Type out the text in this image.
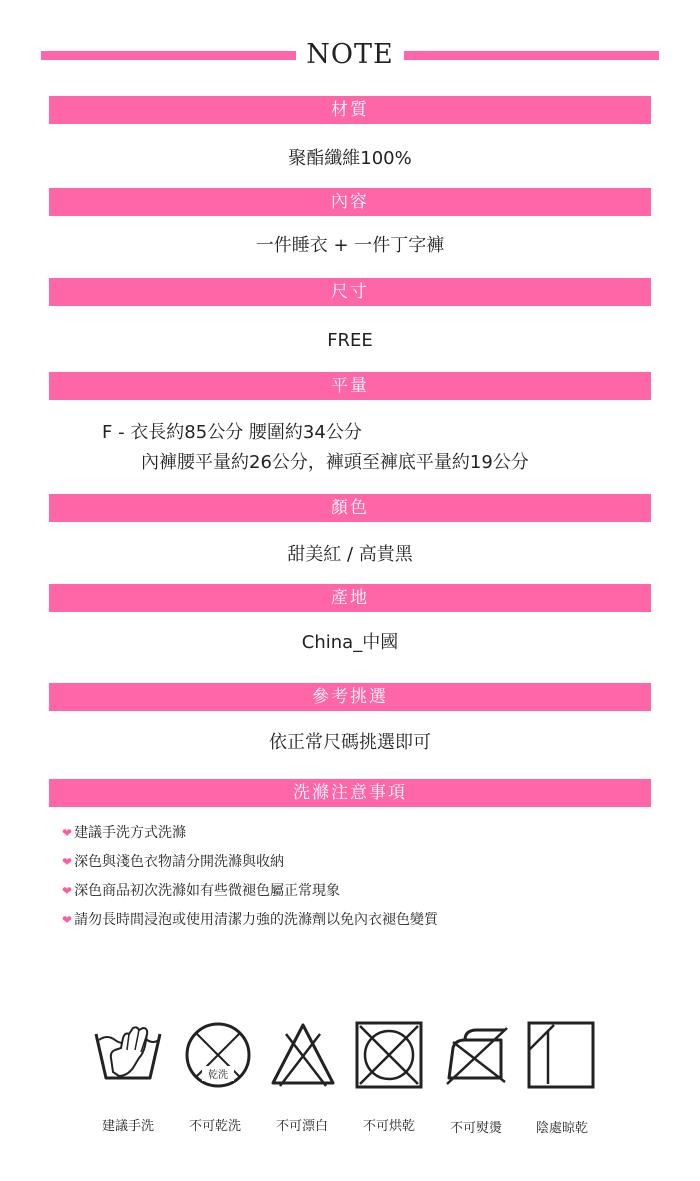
NOTE
材質
聚酯纖維100%
內容
一件睡衣 + 一件丁字褲
尺寸
FREE
平量
F - 衣長約85公分 腰圍約34公分
內褲腰平量約26公分，褲頭至褲底平量約19公分
顏色
甜美紅 / 高貴黑
產地
China_中國
參考挑選
依正常尺碼挑選即可
洗滌注意事項
❤ 建議手洗方式洗滌
❤ 深色與淺色衣物請分開洗滌與收納
❤ 深色商品初次洗滌如有些微褪色屬正常現象
❤ 請勿長時間浸泡或使用清潔力強的洗滌劑以免內衣褪色變質
乾洗
建議手洗	不可乾洗	不可漂白	不可烘乾	不可熨燙	陰處晾乾
